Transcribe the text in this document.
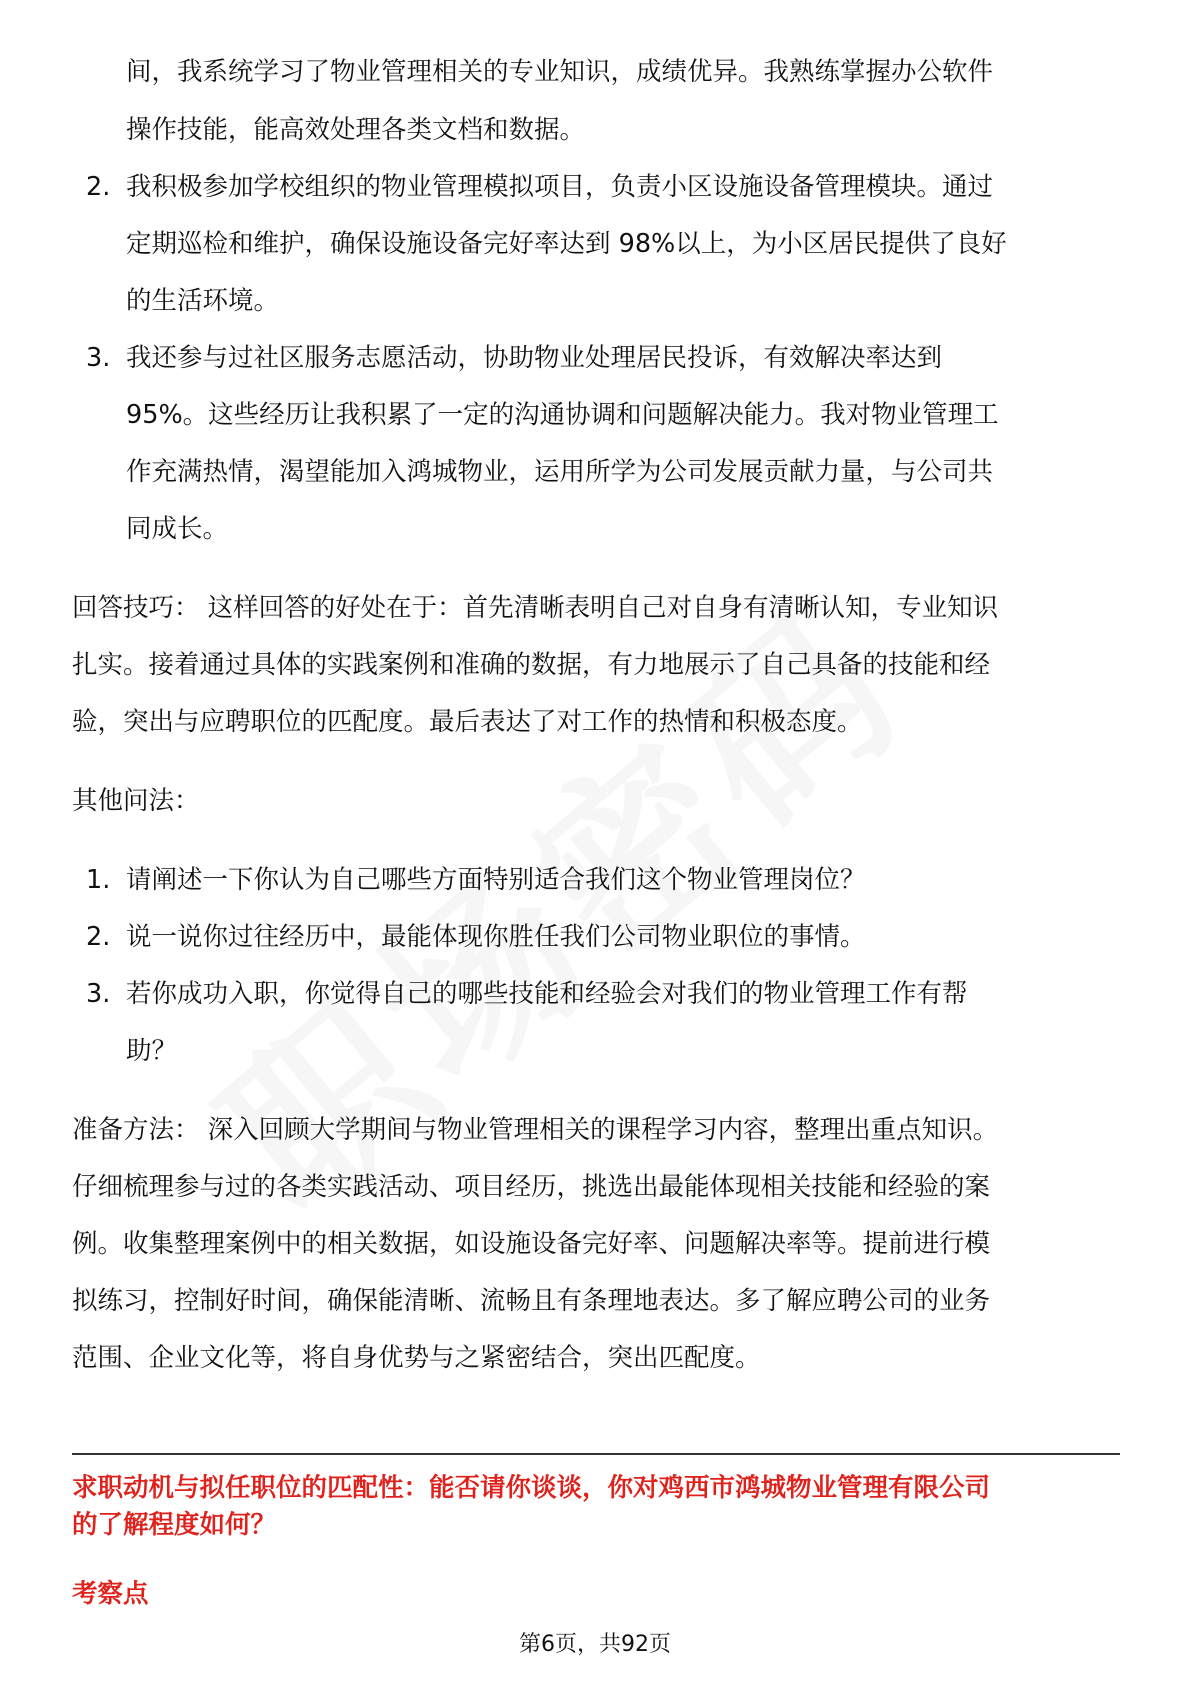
间，我系统学习了物业管理相关的专业知识，成绩优异。我熟练掌握办公软件
操作技能，能高效处理各类文档和数据。
2. 我积极参加学校组织的物业管理模拟项目，负责小区设施设备管理模块。通过
定期巡检和维护，确保设施设备完好率达到 98%以上，为小区居民提供了良好
的生活环境。
3. 我还参与过社区服务志愿活动，协助物业处理居民投诉，有效解决率达到
95%。这些经历让我积累了一定的沟通协调和问题解决能力。我对物业管理工
作充满热情，渴望能加入鸿城物业，运用所学为公司发展贡献力量，与公司共
同成长。

回答技巧： 这样回答的好处在于：首先清晰表明自己对自身有清晰认知，专业知识
扎实。接着通过具体的实践案例和准确的数据，有力地展示了自己具备的技能和经
验，突出与应聘职位的匹配度。最后表达了对工作的热情和积极态度。

其他问法：

1. 请阐述一下你认为自己哪些方面特别适合我们这个物业管理岗位？
2. 说一说你过往经历中，最能体现你胜任我们公司物业职位的事情。
3. 若你成功入职，你觉得自己的哪些技能和经验会对我们的物业管理工作有帮
助？

准备方法： 深入回顾大学期间与物业管理相关的课程学习内容，整理出重点知识。
仔细梳理参与过的各类实践活动、项目经历，挑选出最能体现相关技能和经验的案
例。收集整理案例中的相关数据，如设施设备完好率、问题解决率等。提前进行模
拟练习，控制好时间，确保能清晰、流畅且有条理地表达。多了解应聘公司的业务
范围、企业文化等，将自身优势与之紧密结合，突出匹配度。

求职动机与拟任职位的匹配性：能否请你谈谈，你对鸡西市鸿城物业管理有限公司
的了解程度如何？

考察点

第6页，共92页
